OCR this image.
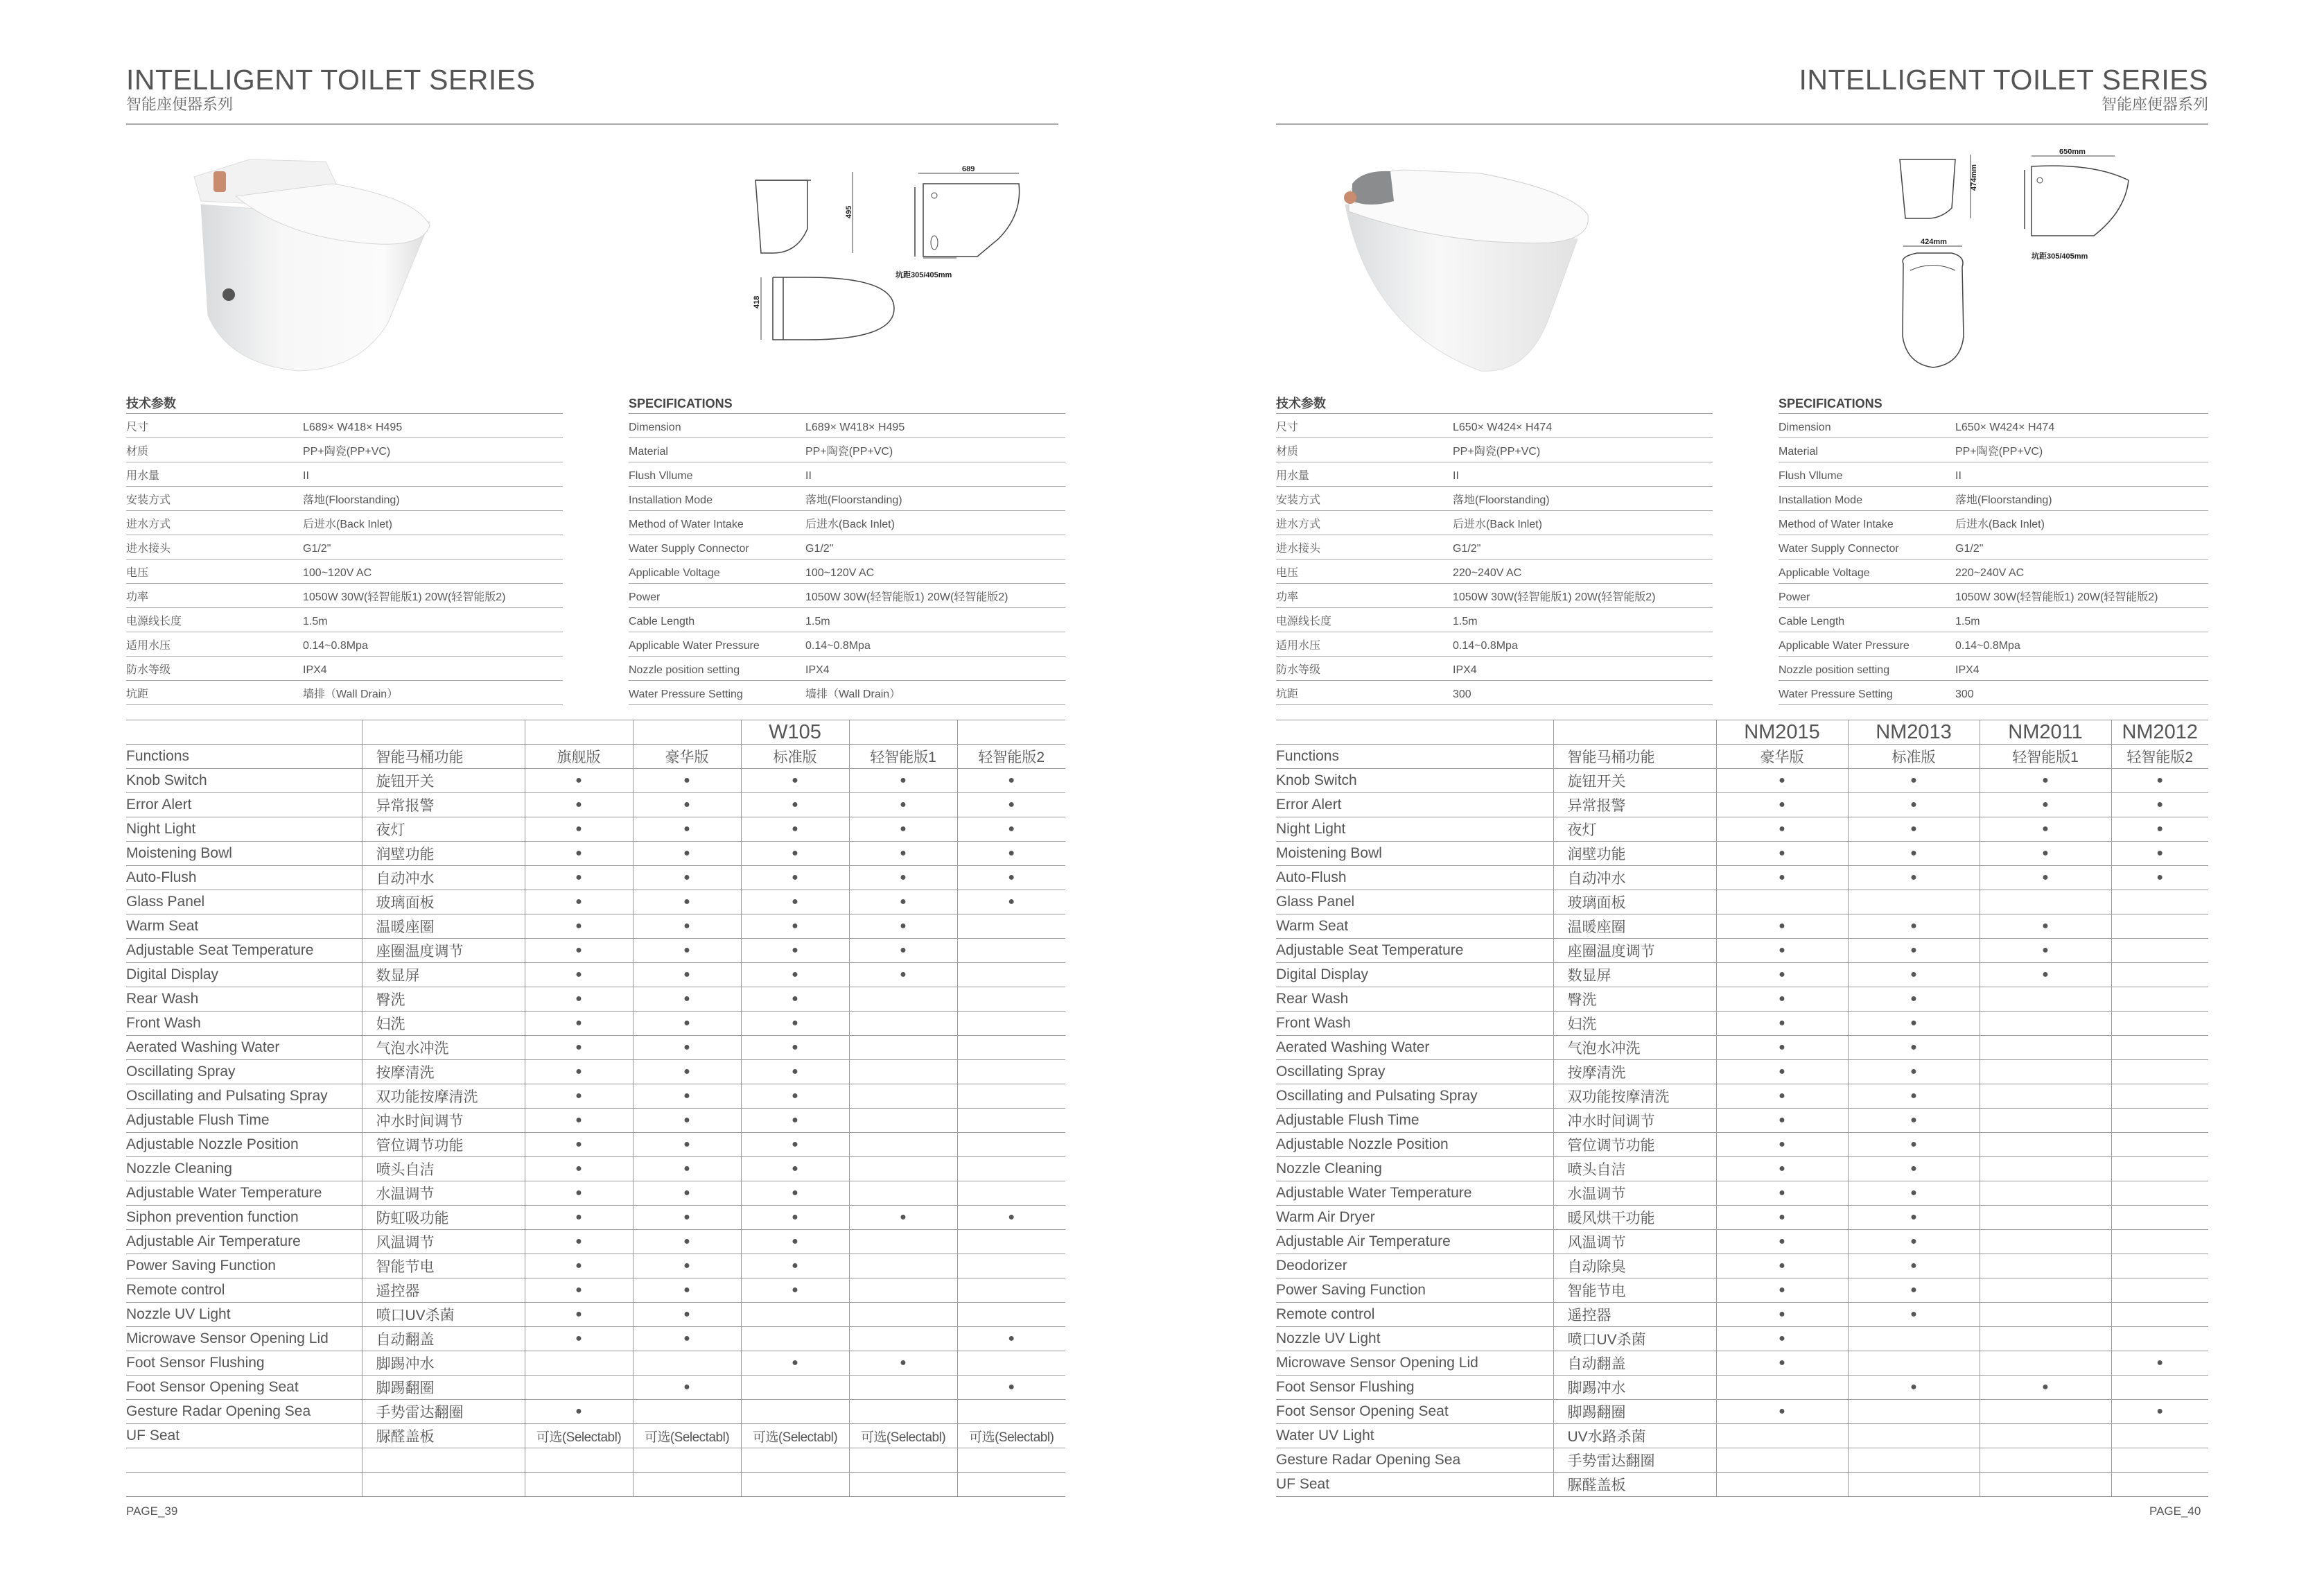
INTELLIGENT TOILET SERIES
智能座便器系列
495
689
坑距305/405mm
418
技术参数
尺寸	L689× W418× H495
材质	PP+陶瓷(PP+VC)
用水量	II
安装方式	落地(Floorstanding)
进水方式	后进水(Back Inlet)
进水接头	G1/2"
电压	100~120V AC
功率	1050W 30W(轻智能版1) 20W(轻智能版2)
电源线长度	1.5m
适用水压	0.14~0.8Mpa
防水等级	IPX4
坑距	墙排（Wall Drain）
SPECIFICATIONS
Dimension	L689× W418× H495
Material	PP+陶瓷(PP+VC)
Flush Vllume	II
Installation Mode	落地(Floorstanding)
Method of Water Intake	后进水(Back Inlet)
Water Supply Connector	G1/2"
Applicable Voltage	100~120V AC
Power	1050W 30W(轻智能版1) 20W(轻智能版2)
Cable Length	1.5m
Applicable Water Pressure	0.14~0.8Mpa
Nozzle position setting	IPX4
Water Pressure Setting	墙排（Wall Drain）
				W105		
Functions	智能马桶功能	旗舰版	豪华版	标准版	轻智能版1	轻智能版2
Knob Switch	旋钮开关	●	●	●	●	●
Error Alert	异常报警	●	●	●	●	●
Night Light	夜灯	●	●	●	●	●
Moistening Bowl	润壁功能	●	●	●	●	●
Auto-Flush	自动冲水	●	●	●	●	●
Glass Panel	玻璃面板	●	●	●	●	●
Warm Seat	温暖座圈	●	●	●	●	
Adjustable Seat Temperature	座圈温度调节	●	●	●	●	
Digital Display	数显屏	●	●	●	●	
Rear Wash	臀洗	●	●	●		
Front Wash	妇洗	●	●	●		
Aerated Washing Water	气泡水冲洗	●	●	●		
Oscillating Spray	按摩清洗	●	●	●		
Oscillating and Pulsating Spray	双功能按摩清洗	●	●	●		
Adjustable Flush Time	冲水时间调节	●	●	●		
Adjustable Nozzle Position	管位调节功能	●	●	●		
Nozzle Cleaning	喷头自洁	●	●	●		
Adjustable Water Temperature	水温调节	●	●	●		
Siphon prevention function	防虹吸功能	●	●	●	●	●
Adjustable Air Temperature	风温调节	●	●	●		
Power Saving Function	智能节电	●	●	●		
Remote control	遥控器	●	●	●		
Nozzle UV Light	喷口UV杀菌	●	●			
Microwave Sensor Opening Lid	自动翻盖	●	●			●
Foot Sensor Flushing	脚踢冲水			●	●	
Foot Sensor Opening Seat	脚踢翻圈		●			●
Gesture Radar Opening Sea	手势雷达翻圈	●				
UF Seat	脲醛盖板	可选(Selectabl)	可选(Selectabl)	可选(Selectabl)	可选(Selectabl)	可选(Selectabl)

PAGE_39
INTELLIGENT TOILET SERIES
智能座便器系列
474mm
650mm
坑距305/405mm
424mm
技术参数
尺寸	L650× W424× H474
材质	PP+陶瓷(PP+VC)
用水量	II
安装方式	落地(Floorstanding)
进水方式	后进水(Back Inlet)
进水接头	G1/2"
电压	220~240V AC
功率	1050W 30W(轻智能版1) 20W(轻智能版2)
电源线长度	1.5m
适用水压	0.14~0.8Mpa
防水等级	IPX4
坑距	300
SPECIFICATIONS
Dimension	L650× W424× H474
Material	PP+陶瓷(PP+VC)
Flush Vllume	II
Installation Mode	落地(Floorstanding)
Method of Water Intake	后进水(Back Inlet)
Water Supply Connector	G1/2"
Applicable Voltage	220~240V AC
Power	1050W 30W(轻智能版1) 20W(轻智能版2)
Cable Length	1.5m
Applicable Water Pressure	0.14~0.8Mpa
Nozzle position setting	IPX4
Water Pressure Setting	300
		NM2015	NM2013	NM2011	NM2012
Functions	智能马桶功能	豪华版	标准版	轻智能版1	轻智能版2
Knob Switch	旋钮开关	●	●	●	●
Error Alert	异常报警	●	●	●	●
Night Light	夜灯	●	●	●	●
Moistening Bowl	润壁功能	●	●	●	●
Auto-Flush	自动冲水	●	●	●	●
Glass Panel	玻璃面板				
Warm Seat	温暖座圈	●	●	●	
Adjustable Seat Temperature	座圈温度调节	●	●	●	
Digital Display	数显屏	●	●	●	
Rear Wash	臀洗	●	●		
Front Wash	妇洗	●	●		
Aerated Washing Water	气泡水冲洗	●	●		
Oscillating Spray	按摩清洗	●	●		
Oscillating and Pulsating Spray	双功能按摩清洗	●	●		
Adjustable Flush Time	冲水时间调节	●	●		
Adjustable Nozzle Position	管位调节功能	●	●		
Nozzle Cleaning	喷头自洁	●	●		
Adjustable Water Temperature	水温调节	●	●		
Warm Air Dryer	暖风烘干功能	●	●		
Adjustable Air Temperature	风温调节	●	●		
Deodorizer	自动除臭	●	●		
Power Saving Function	智能节电	●	●		
Remote control	遥控器	●	●		
Nozzle UV Light	喷口UV杀菌	●			
Microwave Sensor Opening Lid	自动翻盖	●			●
Foot Sensor Flushing	脚踢冲水		●	●	
Foot Sensor Opening Seat	脚踢翻圈	●			●
Water UV Light	UV水路杀菌				
Gesture Radar Opening Sea	手势雷达翻圈				
UF Seat	脲醛盖板				
PAGE_40
